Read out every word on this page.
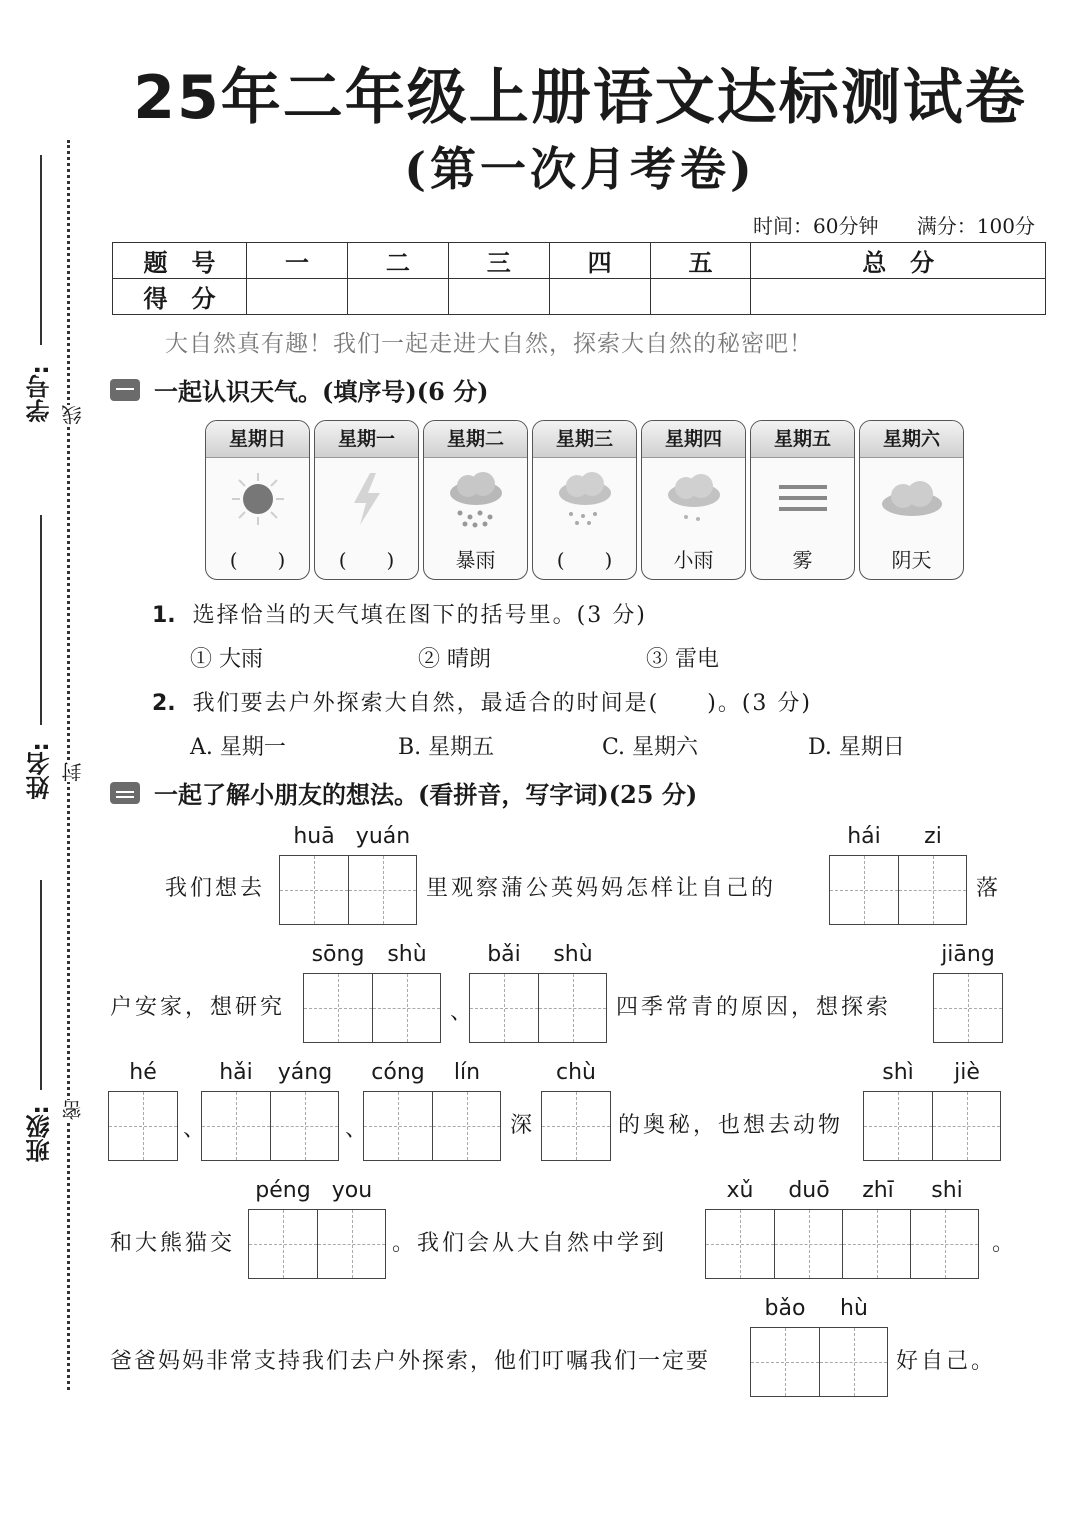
学号: 线
姓名: 封
班级: 密
25年二年级上册语文达标测试卷
(第一次月考卷)
时间：60分钟 满分：100分
题　号	一	二	三	四	五	总　分
得　分						
大自然真有趣！我们一起走进大自然，探索大自然的秘密吧！
一起认识天气。(填序号)(6 分)
星期日
(　　)
星期一
(　　)
星期二
暴雨
星期三
(　　)
星期四
小雨
星期五
雾
星期六
阴天
1. 选择恰当的天气填在图下的括号里。(3 分)
① 大雨	② 晴朗	③ 雷电
2. 我们要去户外探索大自然，最适合的时间是(　　)。(3 分)
A. 星期一	B. 星期五	C. 星期六	D. 星期日
一起了解小朋友的想法。(看拼音，写字词)(25 分)
huā yuán
我们想去	里观察蒲公英妈妈怎样让自己的
hái	zi
落
户安家，想研究
sōng	shù
、
bǎi	shù
四季常青的原因，想探索
jiāng
hé
、
hǎi	yáng
、
cóng	lín
深
chù
的奥秘，也想去动物
shì	jiè
和大熊猫交
péng you
。我们会从大自然中学到
xǔ	duō	zhī	shi
。
爸爸妈妈非常支持我们去户外探索，他们叮嘱我们一定要
bǎo	hù
好自己。
